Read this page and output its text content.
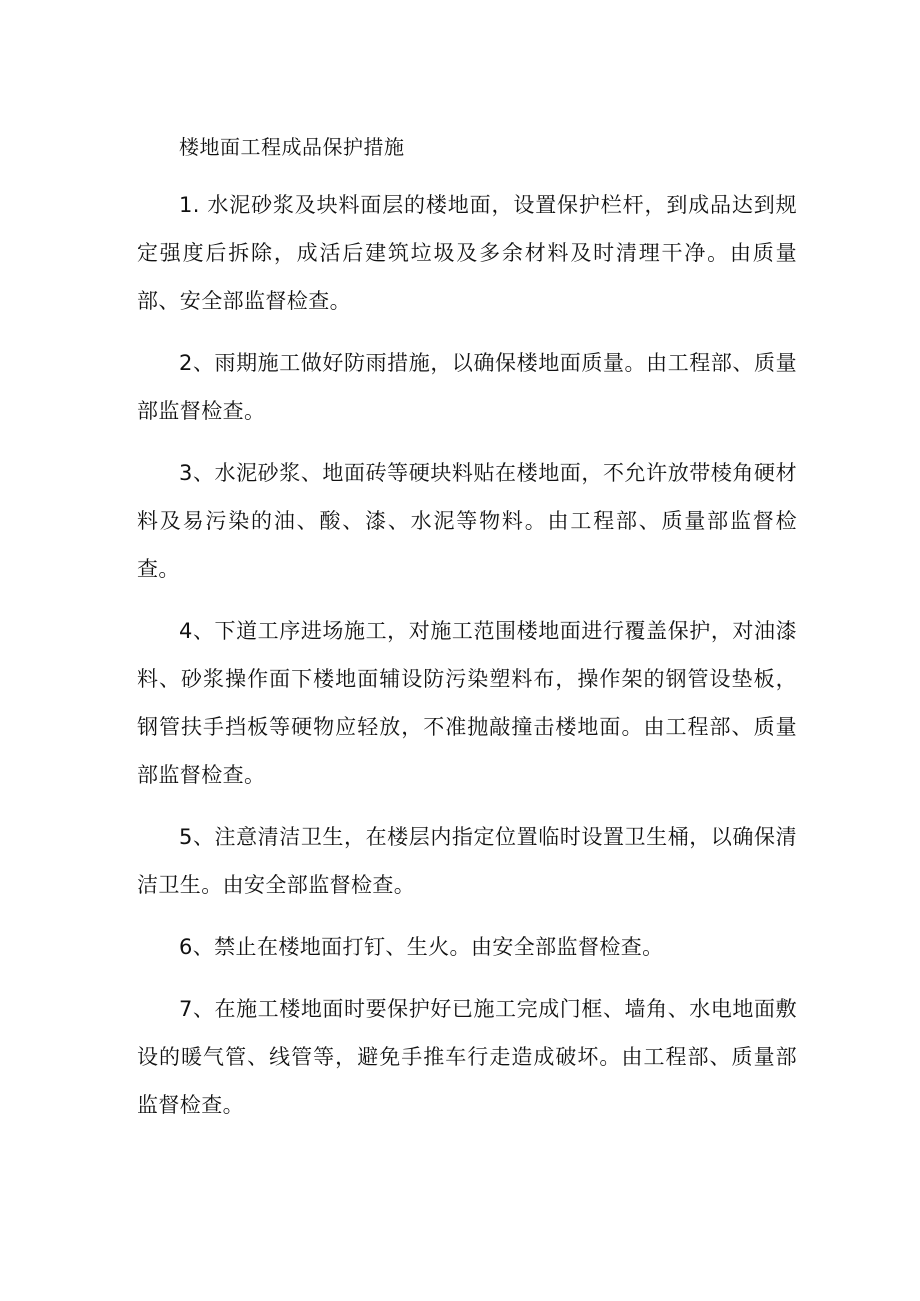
楼地面工程成品保护措施

1. 水泥砂浆及块料面层的楼地面，设置保护栏杆，到成品达到规定强度后拆除，成活后建筑垃圾及多余材料及时清理干净。由质量部、安全部监督检查。

2、雨期施工做好防雨措施，以确保楼地面质量。由工程部、质量部监督检查。

3、水泥砂浆、地面砖等硬块料贴在楼地面，不允许放带棱角硬材料及易污染的油、酸、漆、水泥等物料。由工程部、质量部监督检查。

4、下道工序进场施工，对施工范围楼地面进行覆盖保护，对油漆料、砂浆操作面下楼地面辅设防污染塑料布，操作架的钢管设垫板，钢管扶手挡板等硬物应轻放，不准抛敲撞击楼地面。由工程部、质量部监督检查。

5、注意清洁卫生，在楼层内指定位置临时设置卫生桶，以确保清洁卫生。由安全部监督检查。

6、禁止在楼地面打钉、生火。由安全部监督检查。

7、在施工楼地面时要保护好已施工完成门框、墙角、水电地面敷设的暖气管、线管等，避免手推车行走造成破坏。由工程部、质量部监督检查。
